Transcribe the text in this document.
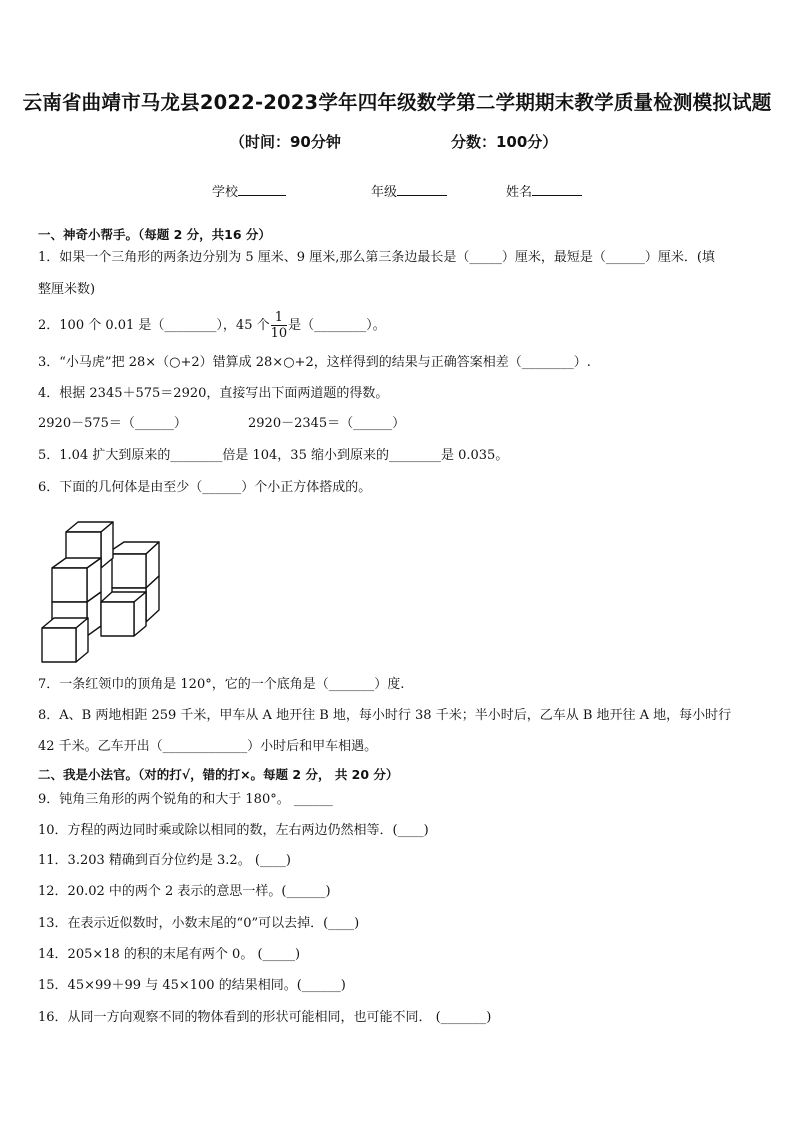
云南省曲靖市马龙县2022-2023学年四年级数学第二学期期末教学质量检测模拟试题
（时间：90分钟	分数：100分）
学校	年级	姓名
一、神奇小帮手。（每题 2 分，共16 分）
1．如果一个三角形的两条边分别为 5 厘米、9 厘米,那么第三条边最长是（_____）厘米，最短是（______）厘米．(填
整厘米数)
2．100 个 0.01 是（________），45 个 $\frac{1}{10}$ 是（________）。
3．“小马虎”把 28×（○+2）错算成 28×○+2，这样得到的结果与正确答案相差（________）.
4．根据 2345＋575＝2920，直接写出下面两道题的得数。
2920－575＝（______）	2920－2345＝（______）
5．1.04 扩大到原来的________倍是 104，35 缩小到原来的________是 0.035。
6．下面的几何体是由至少（______）个小正方体搭成的。
7．一条红领巾的顶角是 120°，它的一个底角是（_______）度.
8．A、B 两地相距 259 千米，甲车从 A 地开往 B 地，每小时行 38 千米；半小时后，乙车从 B 地开往 A 地，每小时行
42 千米。乙车开出（_____________）小时后和甲车相遇。
二、我是小法官。（对的打√，错的打×。每题 2 分， 共 20 分）
9．钝角三角形的两个锐角的和大于 180°。 ______
10．方程的两边同时乘或除以相同的数，左右两边仍然相等．(____)
11．3.203 精确到百分位约是 3.2。 (____)
12．20.02 中的两个 2 表示的意思一样。(______)
13．在表示近似数时，小数末尾的“0”可以去掉．(____)
14．205×18 的积的末尾有两个 0。 (_____)
15．45×99＋99 与 45×100 的结果相同。(______)
16．从同一方向观察不同的物体看到的形状可能相同，也可能不同． (_______)
